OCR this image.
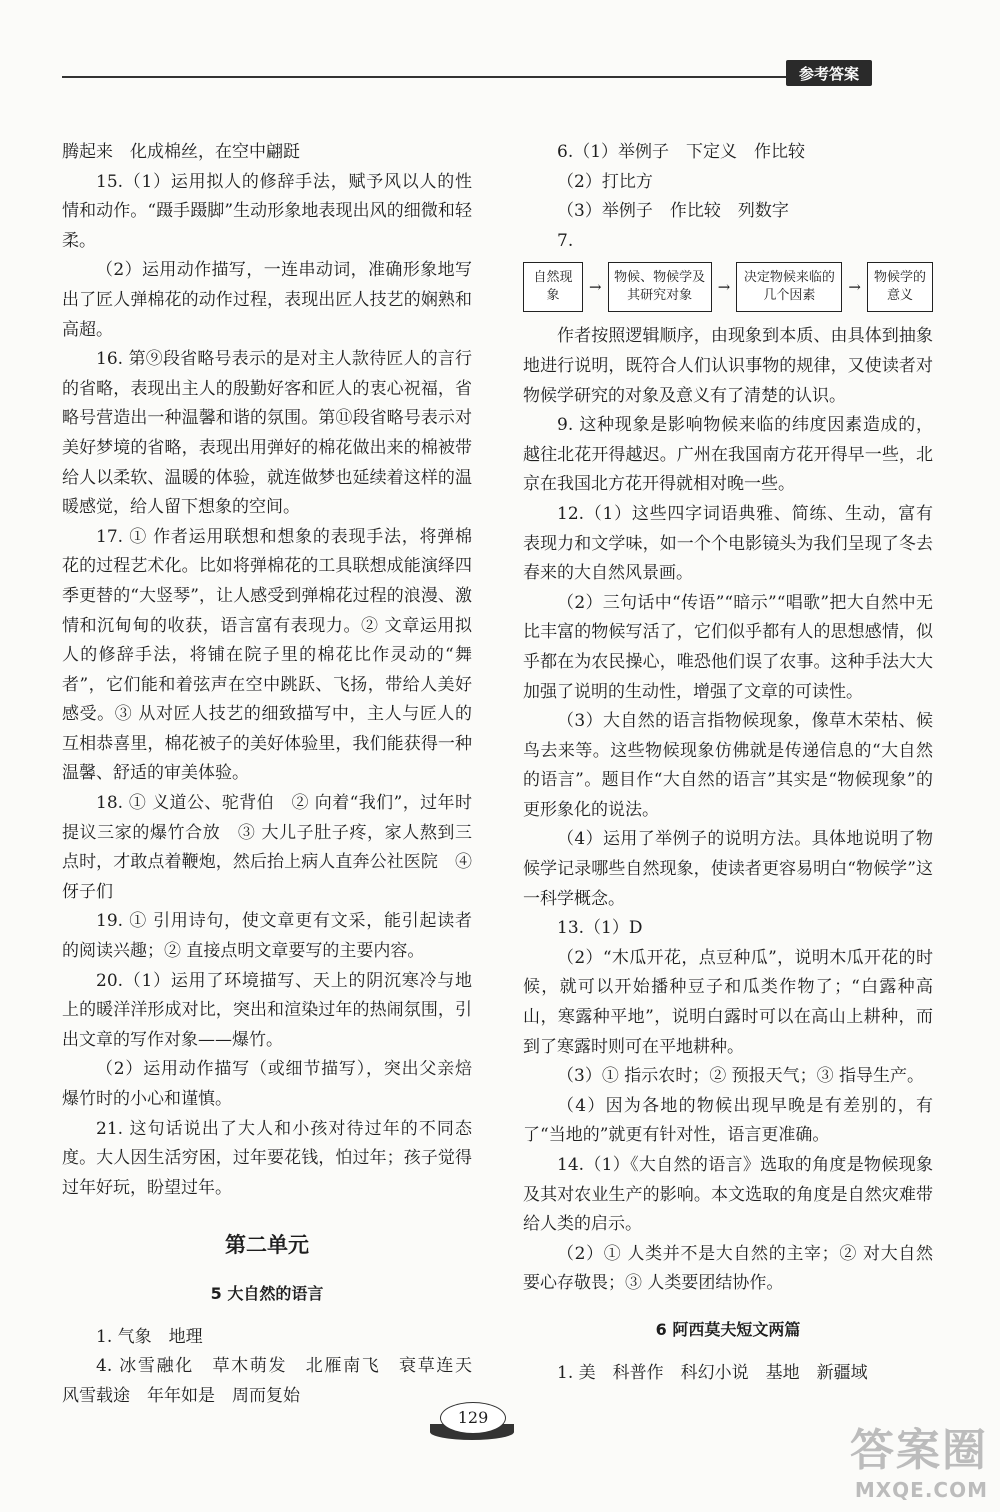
参考答案

腾起来　化成棉丝，在空中翩跹

15.（1）运用拟人的修辞手法，赋予风以人的性情和动作。“蹑手蹑脚”生动形象地表现出风的细微和轻柔。

（2）运用动作描写，一连串动词，准确形象地写出了匠人弹棉花的动作过程，表现出匠人技艺的娴熟和高超。

16. 第⑨段省略号表示的是对主人款待匠人的言行的省略，表现出主人的殷勤好客和匠人的衷心祝福，省略号营造出一种温馨和谐的氛围。第⑪段省略号表示对美好梦境的省略，表现出用弹好的棉花做出来的棉被带给人以柔软、温暖的体验，就连做梦也延续着这样的温暖感觉，给人留下想象的空间。

17. ① 作者运用联想和想象的表现手法，将弹棉花的过程艺术化。比如将弹棉花的工具联想成能演绎四季更替的“大竖琴”，让人感受到弹棉花过程的浪漫、激情和沉甸甸的收获，语言富有表现力。② 文章运用拟人的修辞手法，将铺在院子里的棉花比作灵动的“舞者”，它们能和着弦声在空中跳跃、飞扬，带给人美好感受。③ 从对匠人技艺的细致描写中，主人与匠人的互相恭喜里，棉花被子的美好体验里，我们能获得一种温馨、舒适的审美体验。

18. ① 义道公、驼背伯　② 向着“我们”，过年时提议三家的爆竹合放　③ 大儿子肚子疼，家人熬到三点时，才敢点着鞭炮，然后抬上病人直奔公社医院　④ 伢子们

19. ① 引用诗句，使文章更有文采，能引起读者的阅读兴趣；② 直接点明文章要写的主要内容。

20.（1）运用了环境描写、天上的阴沉寒冷与地上的暖洋洋形成对比，突出和渲染过年的热闹氛围，引出文章的写作对象——爆竹。

（2）运用动作描写（或细节描写），突出父亲焙爆竹时的小心和谨慎。

21. 这句话说出了大人和小孩对待过年的不同态度。大人因生活穷困，过年要花钱，怕过年；孩子觉得过年好玩，盼望过年。

第二单元
5 大自然的语言

1. 气象　地理

4. 冰雪融化　草木萌发　北雁南飞　衰草连天　风雪载途　年年如是　周而复始

6.（1）举例子　下定义　作比较

（2）打比方

（3）举例子　作比较　列数字

7.

自然现象	→
物候、物候学及其研究对象	→
决定物候来临的几个因素	→
物候学的意义

作者按照逻辑顺序，由现象到本质、由具体到抽象地进行说明，既符合人们认识事物的规律，又使读者对物候学研究的对象及意义有了清楚的认识。

9. 这种现象是影响物候来临的纬度因素造成的，越往北花开得越迟。广州在我国南方花开得早一些，北京在我国北方花开得就相对晚一些。

12.（1）这些四字词语典雅、简练、生动，富有表现力和文学味，如一个个电影镜头为我们呈现了冬去春来的大自然风景画。

（2）三句话中“传语”“暗示”“唱歌”把大自然中无比丰富的物候写活了，它们似乎都有人的思想感情，似乎都在为农民操心，唯恐他们误了农事。这种手法大大加强了说明的生动性，增强了文章的可读性。

（3）大自然的语言指物候现象，像草木荣枯、候鸟去来等。这些物候现象仿佛就是传递信息的“大自然的语言”。题目作“大自然的语言”其实是“物候现象”的更形象化的说法。

（4）运用了举例子的说明方法。具体地说明了物候学记录哪些自然现象，使读者更容易明白“物候学”这一科学概念。

13.（1）D

（2）“木瓜开花，点豆种瓜”，说明木瓜开花的时候，就可以开始播种豆子和瓜类作物了；“白露种高山，寒露种平地”，说明白露时可以在高山上耕种，而到了寒露时则可在平地耕种。

（3）① 指示农时；② 预报天气；③ 指导生产。

（4）因为各地的物候出现早晚是有差别的，有了“当地的”就更有针对性，语言更准确。

14.（1）《大自然的语言》选取的角度是物候现象及其对农业生产的影响。本文选取的角度是自然灾难带给人类的启示。

（2）① 人类并不是大自然的主宰；② 对大自然要心存敬畏；③ 人类要团结协作。

6 阿西莫夫短文两篇

1. 美　科普作　科幻小说　基地　新疆域

129
答案圈
MXQE.COM
